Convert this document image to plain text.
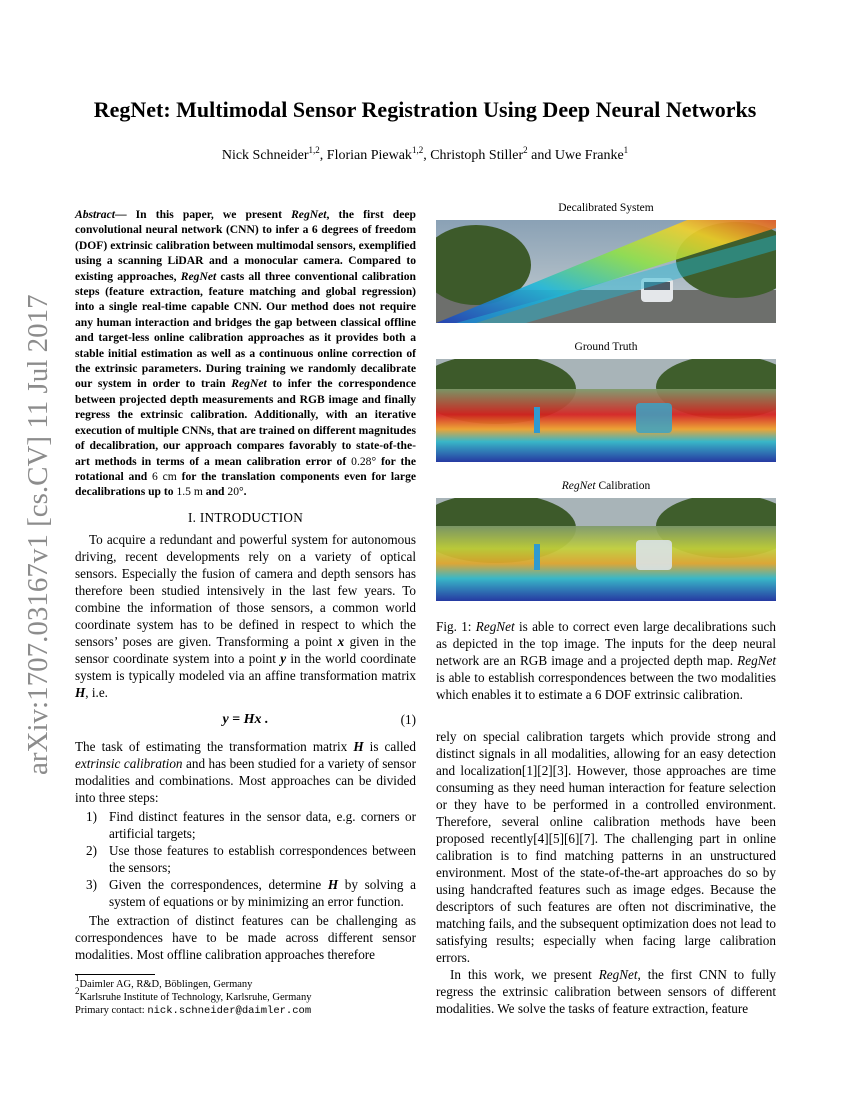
arXiv:1707.03167v1 [cs.CV] 11 Jul 2017
RegNet: Multimodal Sensor Registration Using Deep Neural Networks
Nick Schneider$^{1,2}$, Florian Piewak$^{1,2}$, Christoph Stiller$^2$ and Uwe Franke$^1$

Abstract— In this paper, we present RegNet, the first deep convolutional neural network (CNN) to infer a 6 degrees of freedom (DOF) extrinsic calibration between multimodal sensors, exemplified using a scanning LiDAR and a monocular camera. Compared to existing approaches, RegNet casts all three conventional calibration steps (feature extraction, feature matching and global regression) into a single real-time capable CNN. Our method does not require any human interaction and bridges the gap between classical offline and target-less online calibration approaches as it provides both a stable initial estimation as well as a continuous online correction of the extrinsic parameters. During training we randomly decalibrate our system in order to train RegNet to infer the correspondence between projected depth measurements and RGB image and finally regress the extrinsic calibration. Additionally, with an iterative execution of multiple CNNs, that are trained on different magnitudes of decalibration, our approach compares favorably to state-of-the-art methods in terms of a mean calibration error of 0.28° for the rotational and 6 cm for the translation components even for large decalibrations up to 1.5 m and 20°.

I. INTRODUCTION

To acquire a redundant and powerful system for autonomous driving, recent developments rely on a variety of optical sensors. Especially the fusion of camera and depth sensors has therefore been studied intensively in the last few years. To combine the information of those sensors, a common world coordinate system has to be defined in respect to which the sensors’ poses are given. Transforming a point x given in the sensor coordinate system into a point y in the world coordinate system is typically modeled via an affine transformation matrix H, i.e.

y = Hx .	(1)

The task of estimating the transformation matrix H is called extrinsic calibration and has been studied for a variety of sensor modalities and combinations. Most approaches can be divided into three steps:

1) Find distinct features in the sensor data, e.g. corners or artificial targets;
2) Use those features to establish correspondences between the sensors;
3) Given the correspondences, determine H by solving a system of equations or by minimizing an error function.

The extraction of distinct features can be challenging as correspondences have to be made across different sensor modalities. Most offline calibration approaches therefore

$^1$Daimler AG, R&D, Böblingen, Germany
$^2$Karlsruhe Institute of Technology, Karlsruhe, Germany
Primary contact: nick.schneider@daimler.com
Decalibrated System
Ground Truth
RegNet Calibration

Fig. 1: RegNet is able to correct even large decalibrations such as depicted in the top image. The inputs for the deep neural network are an RGB image and a projected depth map. RegNet is able to establish correspondences between the two modalities which enables it to estimate a 6 DOF extrinsic calibration.

rely on special calibration targets which provide strong and distinct signals in all modalities, allowing for an easy detection and localization[1][2][3]. However, those approaches are time consuming as they need human interaction for feature selection or they have to be performed in a controlled environment. Therefore, several online calibration methods have been proposed recently[4][5][6][7]. The challenging part in online calibration is to find matching patterns in an unstructured environment. Most of the state-of-the-art approaches do so by using handcrafted features such as image edges. Because the descriptors of such features are often not discriminative, the matching fails, and the subsequent optimization does not lead to satisfying results; especially when facing large calibration errors.

In this work, we present RegNet, the first CNN to fully regress the extrinsic calibration between sensors of different modalities. We solve the tasks of feature extraction, feature
